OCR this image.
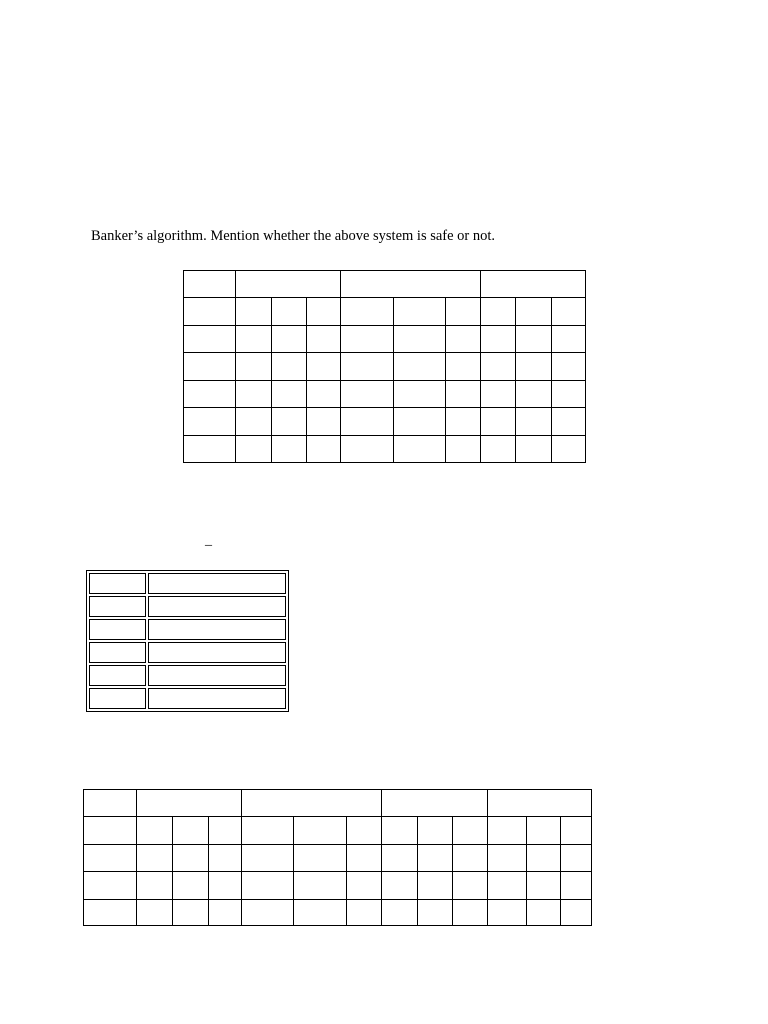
Banker’s algorithm. Mention whether the above system is safe or not.
_
